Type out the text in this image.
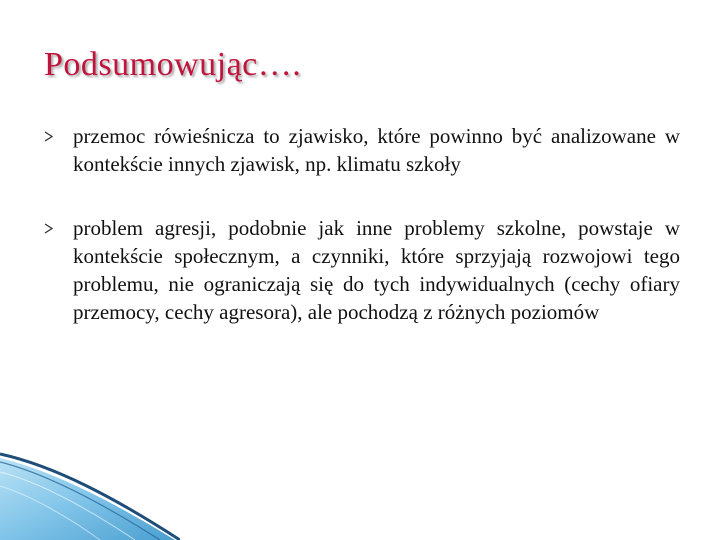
Podsumowując….
przemoc rówieśnicza to zjawisko, które powinno być analizowane w kontekście innych zjawisk, np. klimatu szkoły
problem agresji, podobnie jak inne problemy szkolne, powstaje w kontekście społecznym, a czynniki, które sprzyjają rozwojowi tego problemu, nie ograniczają się do tych indywidualnych (cechy ofiary przemocy, cechy agresora), ale pochodzą z różnych poziomów
